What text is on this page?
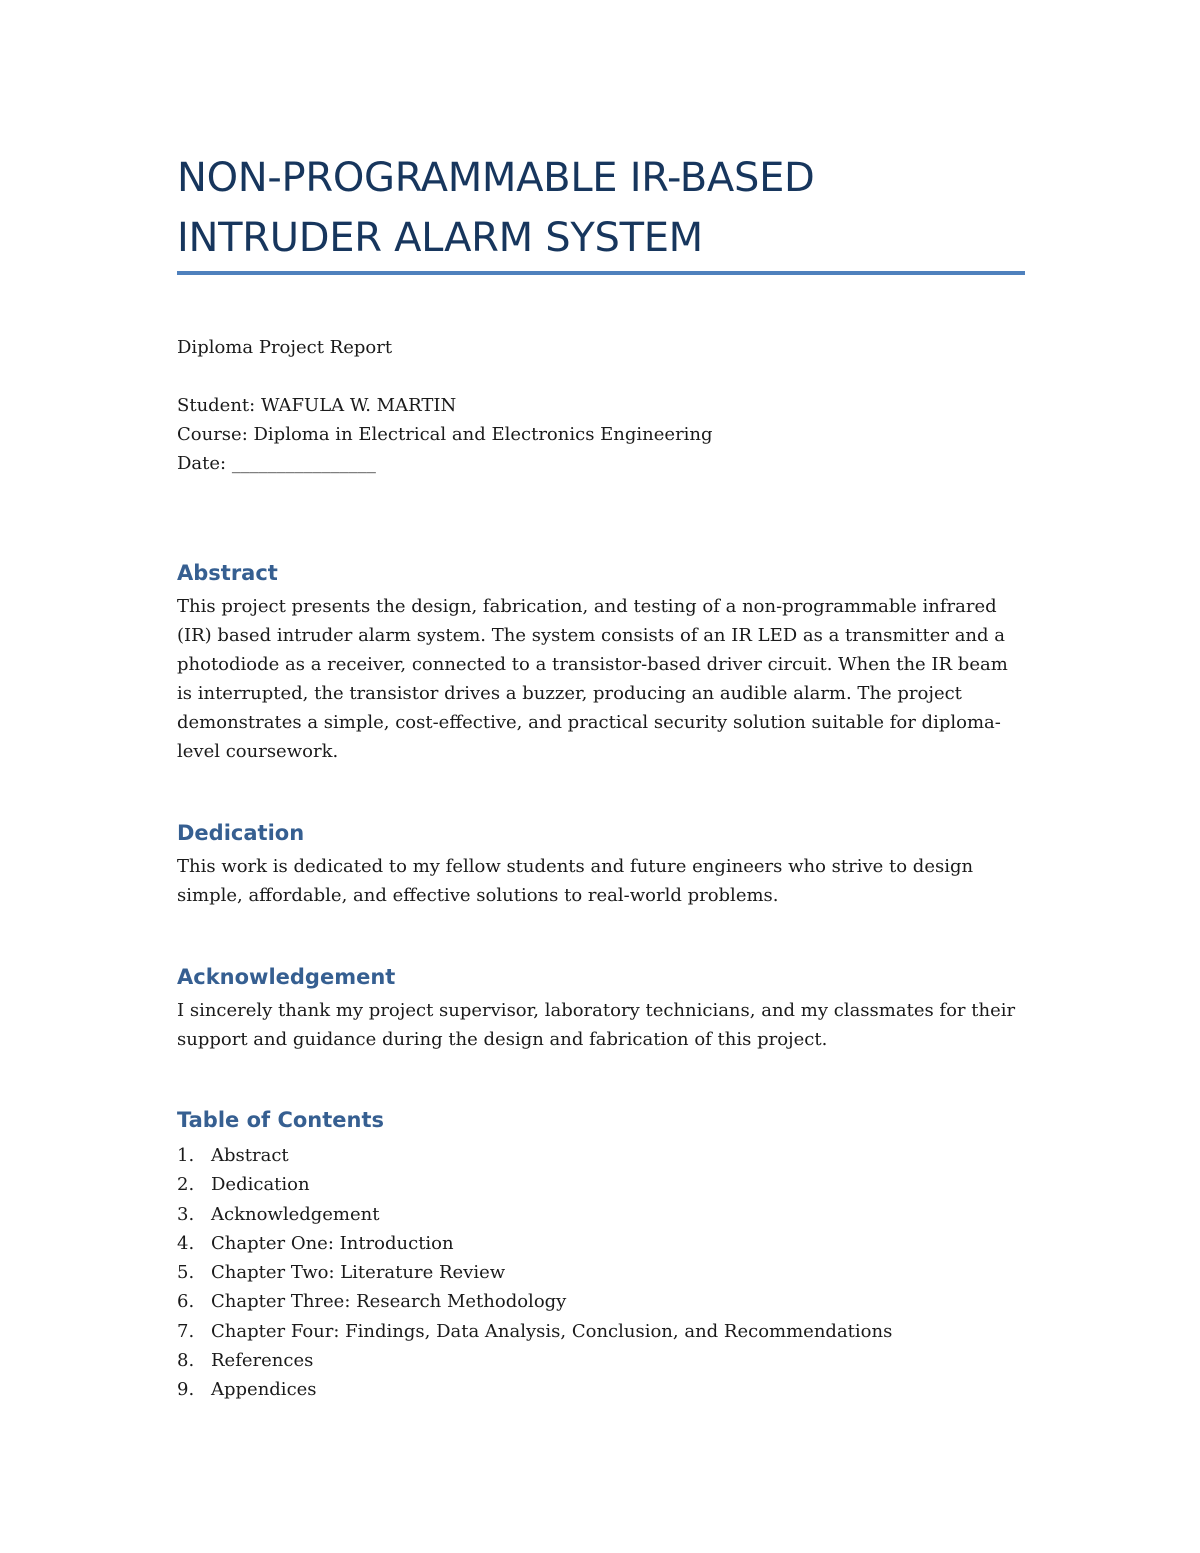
NON-PROGRAMMABLE IR-BASED
INTRUDER ALARM SYSTEM
Diploma Project Report
Student: WAFULA W. MARTIN
Course: Diploma in Electrical and Electronics Engineering
Date: ________________
Abstract
This project presents the design, fabrication, and testing of a non-programmable infrared
(IR) based intruder alarm system. The system consists of an IR LED as a transmitter and a
photodiode as a receiver, connected to a transistor-based driver circuit. When the IR beam
is interrupted, the transistor drives a buzzer, producing an audible alarm. The project
demonstrates a simple, cost-effective, and practical security solution suitable for diploma-
level coursework.
Dedication
This work is dedicated to my fellow students and future engineers who strive to design
simple, affordable, and effective solutions to real-world problems.
Acknowledgement
I sincerely thank my project supervisor, laboratory technicians, and my classmates for their
support and guidance during the design and fabrication of this project.
Table of Contents
1. Abstract
2. Dedication
3. Acknowledgement
4. Chapter One: Introduction
5. Chapter Two: Literature Review
6. Chapter Three: Research Methodology
7. Chapter Four: Findings, Data Analysis, Conclusion, and Recommendations
8. References
9. Appendices
